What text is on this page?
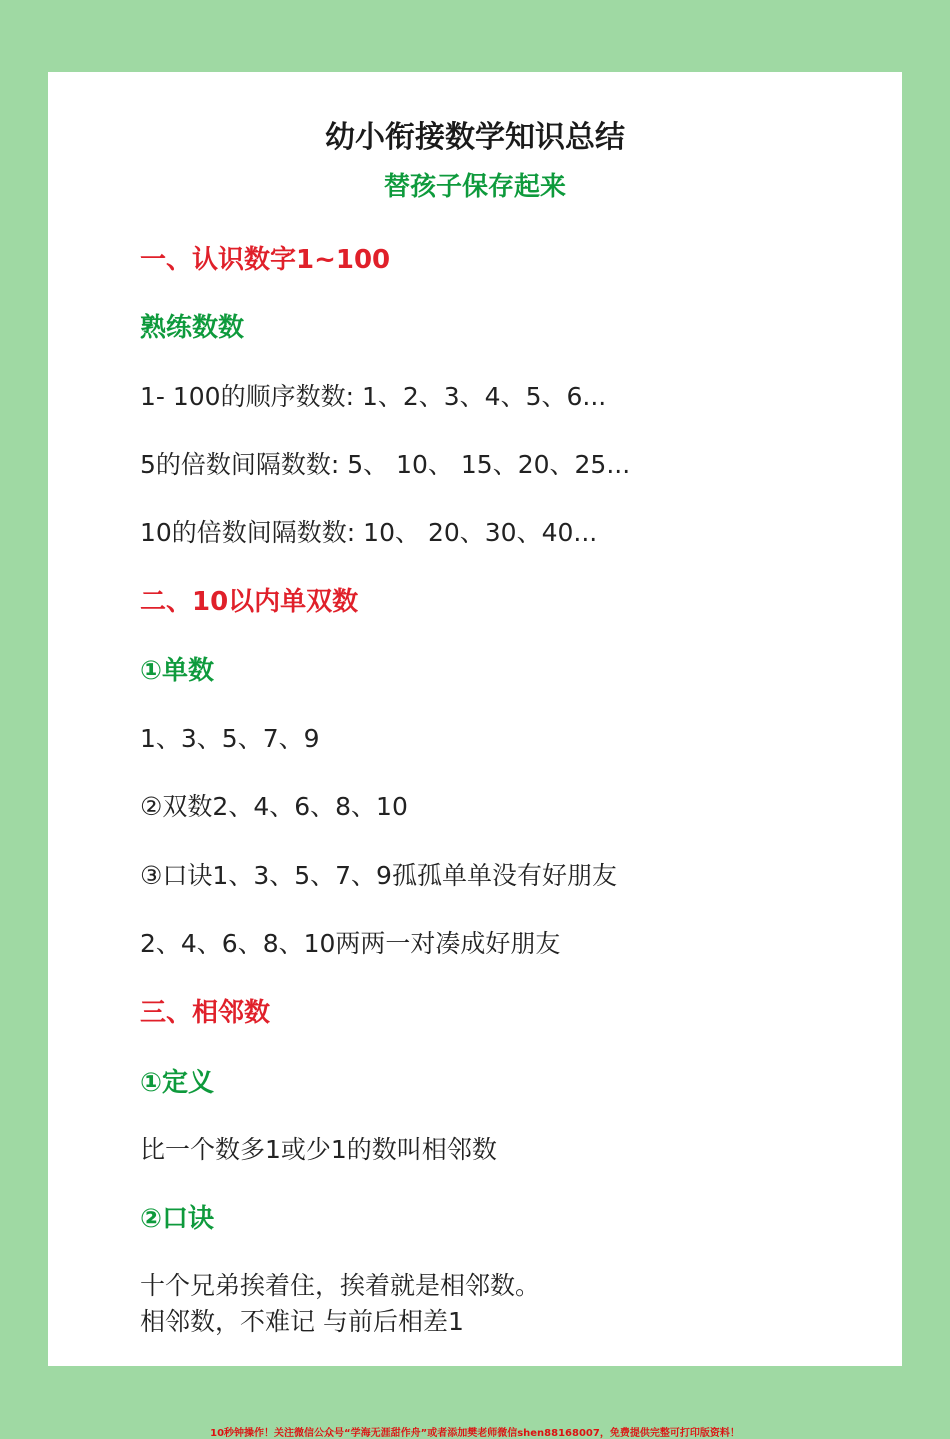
幼小衔接数学知识总结
替孩子保存起来
一、认识数字1~100
熟练数数
1- 100的顺序数数: 1、2、3、4、5、6...
5的倍数间隔数数: 5、 10、 15、20、25...
10的倍数间隔数数: 10、 20、30、40...
二、10以内单双数
①单数
1、3、5、7、9
②双数2、4、6、8、10
③口诀1、3、5、7、9孤孤单单没有好朋友
2、4、6、8、10两两一对凑成好朋友
三、相邻数
①定义
比一个数多1或少1的数叫相邻数
②口诀
十个兄弟挨着住，挨着就是相邻数。
相邻数，不难记 与前后相差1
10秒钟操作！关注微信公众号“学海无涯甜作舟”或者添加樊老师微信shen88168007，免费提供完整可打印版资料！
